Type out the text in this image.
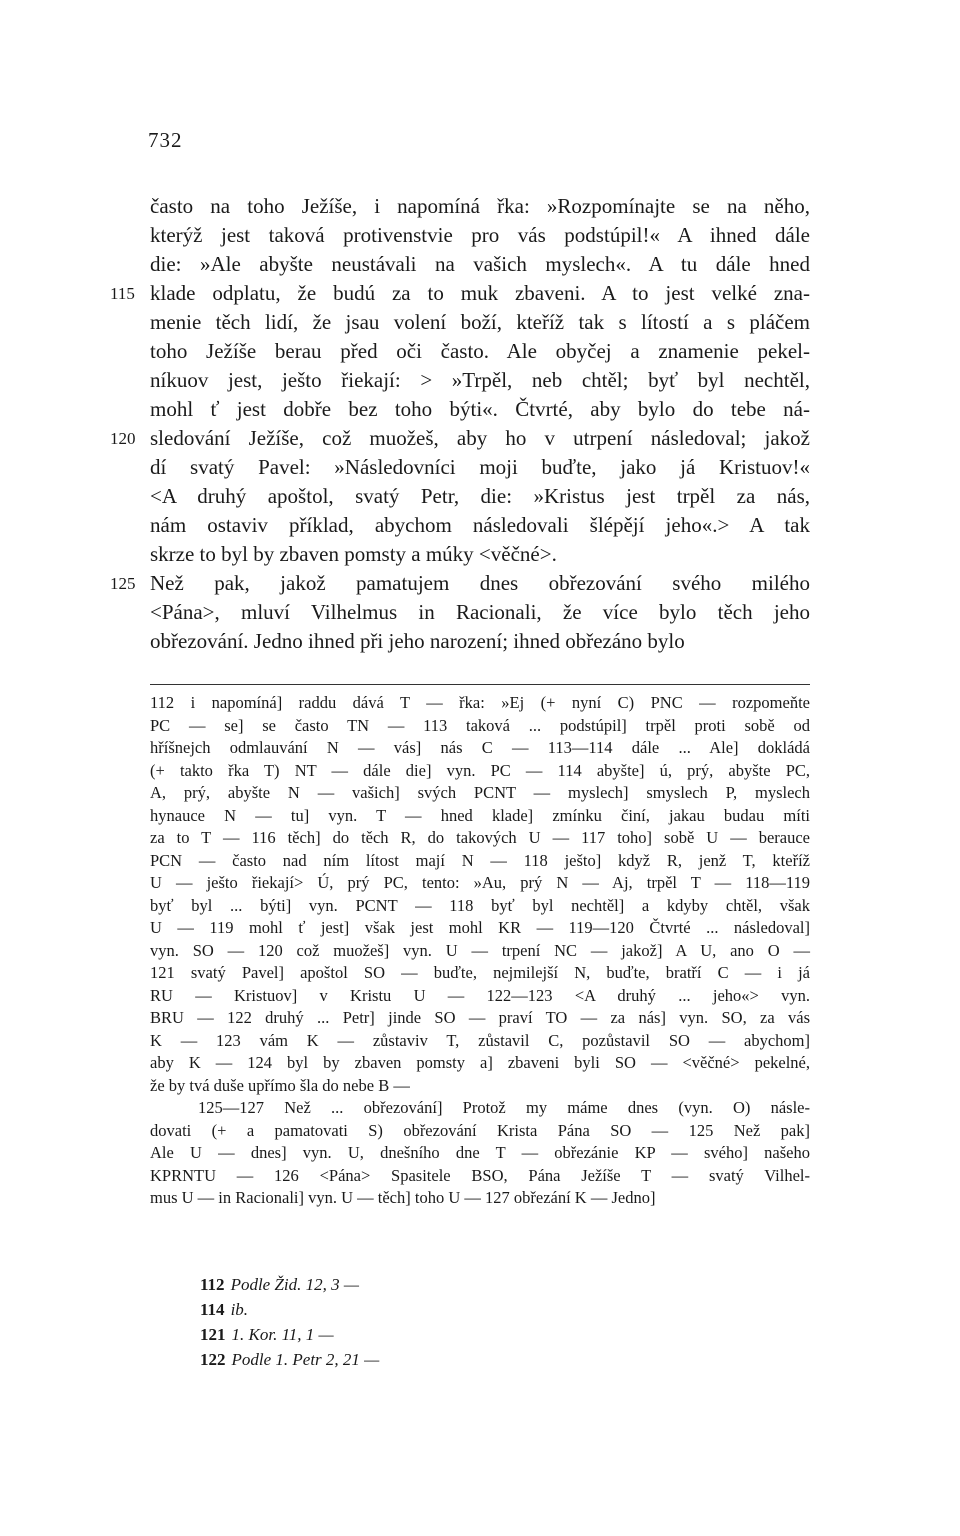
732
často na toho Ježíše, i napomíná řka: »Rozpomínajte se na něho,
kterýž jest taková protivenstvie pro vás podstúpil!« A ihned dále
die: »Ale abyšte neustávali na vašich myslech«. A tu dále hned
115 klade odplatu, že budú za to muk zbaveni. A to jest velké zna-
menie těch lidí, že jsau volení boží, kteříž tak s lítostí a s pláčem
toho Ježíše berau před oči často. Ale obyčej a znamenie pekel-
níkuov jest, ješto řiekají: > »Trpěl, neb chtěl; byť byl nechtěl,
mohl ť jest dobře bez toho býti«. Čtvrté, aby bylo do tebe ná-
120 sledování Ježíše, což muožeš, aby ho v utrpení následoval; jakož
dí svatý Pavel: »Následovníci moji buďte, jako já Kristuov!«
<A druhý apoštol, svatý Petr, die: »Kristus jest trpěl za nás,
nám ostaviv příklad, abychom následovali šlépějí jeho«.> A tak
skrze to byl by zbaven pomsty a múky <věčné>.
125 Než pak, jakož pamatujem dnes obřezování svého milého
<Pána>, mluví Vilhelmus in Racionali, že více bylo těch jeho
obřezování. Jedno ihned při jeho narození; ihned obřezáno bylo
112 i napomíná] raddu dává T — řka: »Ej (+ nyní C) PNC — rozpomeňte
PC — se] se často TN — 113 taková ... podstúpil] trpěl proti sobě od
hříšnejch odmlauvání N — vás] nás C — 113—114 dále ... Ale] dokládá
(+ takto řka T) NT — dále die] vyn. PC — 114 abyšte] ú, prý, abyšte PC,
A, prý, abyšte N — vašich] svých PCNT — myslech] smyslech P, myslech
hynauce N — tu] vyn. T — hned klade] zmínku činí, jakau budau míti
za to T — 116 těch] do těch R, do takových U — 117 toho] sobě U — berauce
PCN — často nad ním lítost mají N — 118 ješto] když R, jenž T, kteříž
U — ješto řiekají> Ú, prý PC, tento: »Au, prý N — Aj, trpěl T — 118—119
byť byl ... býti] vyn. PCNT — 118 byť byl nechtěl] a kdyby chtěl, však
U — 119 mohl ť jest] však jest mohl KR — 119—120 Čtvrté ... následoval]
vyn. SO — 120 což muožeš] vyn. U — trpení NC — jakož] A U, ano O —
121 svatý Pavel] apoštol SO — buďte, nejmilejší N, buďte, bratří C — i já
RU — Kristuov] v Kristu U — 122—123 <A druhý ... jeho«> vyn.
BRU — 122 druhý ... Petr] jinde SO — praví TO — za nás] vyn. SO, za vás
K — 123 vám K — zůstaviv T, zůstavil C, pozůstavil SO — abychom]
aby K — 124 byl by zbaven pomsty a] zbaveni byli SO — <věčné> pekelné,
že by tvá duše upřímo šla do nebe B —
125—127 Než ... obřezování] Protož my máme dnes (vyn. O) násle-
dovati (+ a pamatovati S) obřezování Krista Pána SO — 125 Než pak]
Ale U — dnes] vyn. U, dnešního dne T — obřezánie KP — svého] našeho
KPRNTU — 126 <Pána> Spasitele BSO, Pána Ježíše T — svatý Vilhel-
mus U — in Racionali] vyn. U — těch] toho U — 127 obřezání K — Jedno]
112 Podle Žid. 12, 3 —
114 ib.
121 1. Kor. 11, 1 —
122 Podle 1. Petr 2, 21 —
